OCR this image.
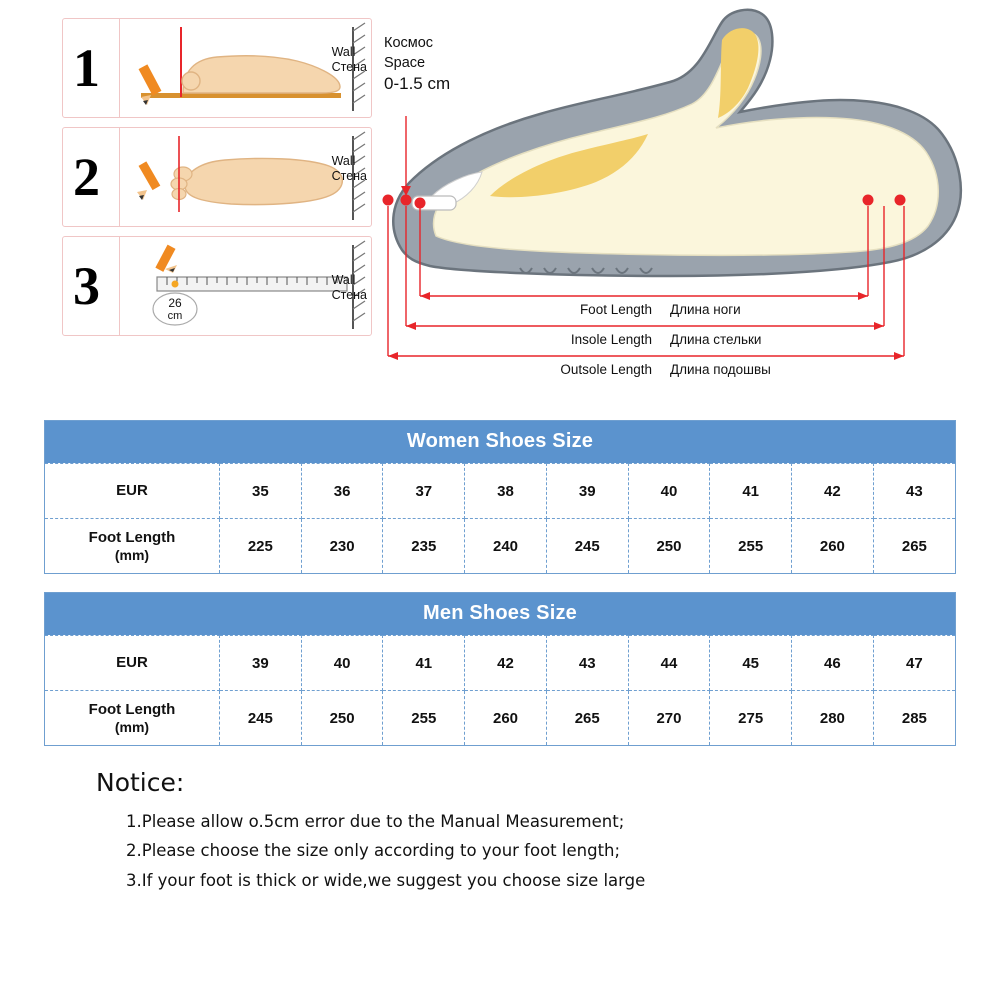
1	Wall
Стена
2	Wall
Стена
3	26
cm
Wall
Стена
Космос
Space
0-1.5 cm
Foot Length Длина ноги
Insole Length Длина стельки
Outsole Length Длина подошвы
Women Shoes Size
EUR	35	36	37	38	39	40	41	42	43
Foot Length
(mm)	225	230	235	240	245	250	255	260	265
Men Shoes Size
EUR	39	40	41	42	43	44	45	46	47
Foot Length
(mm)	245	250	255	260	265	270	275	280	285
Notice:
1.Please allow o.5cm error due to the Manual Measurement;
2.Please choose the size only according to your foot length;
3.If your foot is thick or wide,we suggest you choose size large
